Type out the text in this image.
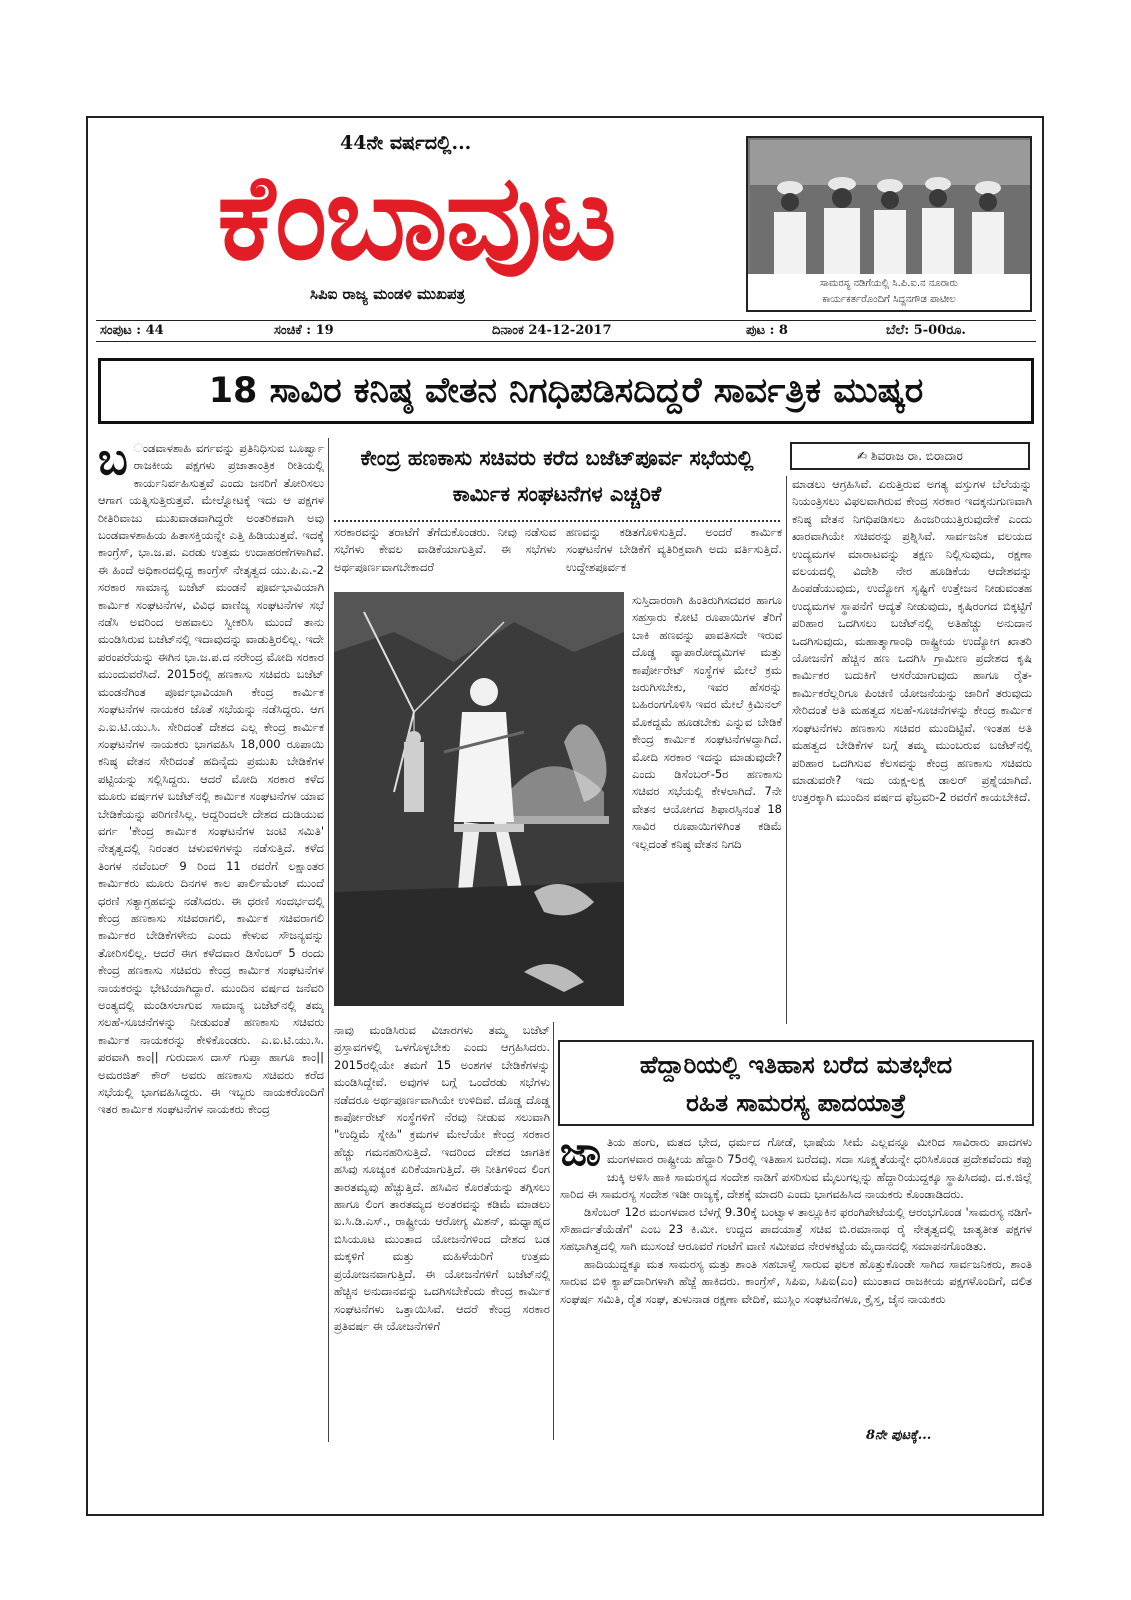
44ನೇ ವರ್ಷದಲ್ಲಿ...
ಕೆಂಬಾವುಟ
ಸಿಪಿಐ ರಾಜ್ಯ ಮಂಡಳಿ ಮುಖಪತ್ರ
ಸಾಮರಸ್ಯ ನಡಿಗೆಯಲ್ಲಿ ಸಿ.ಪಿ.ಐ.ನ ನೂರಾರು
ಕಾರ್ಯಕರ್ತರೊಂದಿಗೆ ಸಿದ್ದನಗೌಡ ಪಾಟೀಲ
ಸಂಪುಟ : 44	ಸಂಚಿಕೆ : 19	ದಿನಾಂಕ 24-12-2017	ಪುಟ : 8	ಬೆಲೆ: 5-00ರೂ.
18 ಸಾವಿರ ಕನಿಷ್ಠ ವೇತನ ನಿಗಧಿಪಡಿಸದಿದ್ದರೆ ಸಾರ್ವತ್ರಿಕ ಮುಷ್ಕರ
ಬ ಂಡವಾಳಶಾಹಿ ವರ್ಗವನ್ನು ಪ್ರತಿನಿಧಿಸುವ ಬೂರ್ಷ್ವಾ ರಾಜಕೀಯ ಪಕ್ಷಗಳು ಪ್ರಜಾತಾಂತ್ರಿಕ ರೀತಿಯಲ್ಲಿ ಕಾರ್ಯನಿರ್ವಹಿಸುತ್ತವೆ ಎಂದು ಜನರಿಗೆ ತೋರಿಸಲು ಆಗಾಗ ಯತ್ನಿಸುತ್ತಿರುತ್ತವೆ. ಮೇಲ್ನೋಟಕ್ಕೆ ಇದು ಆ ಪಕ್ಷಗಳ ರೀತಿರಿವಾಜು ಮುಖವಾಡವಾಗಿದ್ದರೇ ಅಂತರಿಕವಾಗಿ ಅವು ಬಂಡವಾಳಶಾಹಿಯ ಹಿತಾಸಕ್ತಿಯನ್ನೇ ಎತ್ತಿ ಹಿಡಿಯುತ್ತವೆ. ಇದಕ್ಕೆ ಕಾಂಗ್ರೆಸ್, ಭಾ.ಜ.ಪ. ಎರಡು ಉತ್ತಮ ಉದಾಹರಣೆಗಳಾಗಿವೆ. ಈ ಹಿಂದೆ ಅಧಿಕಾರದಲ್ಲಿದ್ದ ಕಾಂಗ್ರೆಸ್ ನೇತೃತ್ವದ ಯು.ಪಿ.ಎ.-2 ಸರಕಾರ ಸಾಮಾನ್ಯ ಬಜೆಟ್ ಮಂಡನೆ ಪೂರ್ವಭಾವಿಯಾಗಿ ಕಾರ್ಮಿಕ ಸಂಘಟನೆಗಳ, ವಿವಿಧ ವಾಣಿಜ್ಯ ಸಂಘಟನೆಗಳ ಸಭೆ ನಡೆಸಿ ಅವರಿಂದ ಅಹವಾಲು ಸ್ವೀಕರಿಸಿ ಮುಂದೆ ತಾನು ಮಂಡಿಸಿರುವ ಬಜೆಟ್‌ನಲ್ಲಿ ಇದಾವುದನ್ನು ವಾಡುತ್ತಿರಲಿಲ್ಲ. ಇದೇ ಪರಂಪರೆಯನ್ನು ಈಗಿನ ಭಾ.ಜ.ಪ.ದ ನರೇಂದ್ರ ಮೋದಿ ಸರಕಾರ ಮುಂದುವರೆಸಿದೆ. 2015ರಲ್ಲಿ ಹಣಕಾಸು ಸಚಿವರು ಬಜೆಟ್ ಮಂಡನೆಗಿಂತ ಪೂರ್ವಭಾವಿಯಾಗಿ ಕೇಂದ್ರ ಕಾರ್ಮಿಕ ಸಂಘಟನೆಗಳ ನಾಯಕರ ಜೊತೆ ಸಭೆಯನ್ನು ನಡೆಸಿದ್ದರು. ಆಗ ಎ.ಐ.ಟಿ.ಯು.ಸಿ. ಸೇರಿದಂತೆ ದೇಶದ ಎಲ್ಲ ಕೇಂದ್ರ ಕಾರ್ಮಿಕ ಸಂಘಟನೆಗಳ ನಾಯಕರು ಭಾಗವಹಿಸಿ 18,000 ರೂಪಾಯಿ ಕನಿಷ್ಠ ವೇತನ ಸೇರಿದಂತೆ ಹದಿನೈದು ಪ್ರಮುಖ ಬೇಡಿಕೆಗಳ ಪಟ್ಟಿಯನ್ನು ಸಲ್ಲಿಸಿದ್ದರು. ಆದರೆ ಮೋದಿ ಸರಕಾರ ಕಳೆದ ಮೂರು ವರ್ಷಗಳ ಬಜೆಟ್‌ನಲ್ಲಿ ಕಾರ್ಮಿಕ ಸಂಘಟನೆಗಳ ಯಾವ ಬೇಡಿಕೆಯನ್ನು ಪರಿಗಣಿಸಿಲ್ಲ. ಅದ್ದರಿಂದಲೇ ದೇಶದ ದುಡಿಯುವ ವರ್ಗ 'ಕೇಂದ್ರ ಕಾರ್ಮಿಕ ಸಂಘಟನೆಗಳ ಜಂಟಿ ಸಮಿತಿ' ನೇತೃತ್ವದಲ್ಲಿ ನಿರಂತರ ಚಳುವಳಿಗಳನ್ನು ನಡೆಸುತ್ತಿದೆ. ಕಳೆದ ತಿಂಗಳ ನವೆಂಬರ್ 9 ರಿಂದ 11 ರವರೆಗೆ ಲಕ್ಷಾಂತರ ಕಾರ್ಮಿಕರು ಮೂರು ದಿನಗಳ ಕಾಲ ಪಾರ್ಲಿಮೆಂಟ್ ಮುಂದೆ ಧರಣಿ ಸತ್ಯಾಗ್ರಹವನ್ನು ನಡೆಸಿದರು. ಈ ಧರಣಿ ಸಂದರ್ಭದಲ್ಲಿ ಕೇಂದ್ರ ಹಣಕಾಸು ಸಚಿವರಾಗಲಿ, ಕಾರ್ಮಿಕ ಸಚಿವರಾಗಲಿ ಕಾರ್ಮಿಕರ ಬೇಡಿಕೆಗಳೇನು ಎಂದು ಕೇಳುವ ಸೌಜನ್ಯವನ್ನು ತೋರಿಸಲಿಲ್ಲ. ಆದರೆ ಈಗ ಕಳೆದವಾರ ಡಿಸೆಂಬರ್ 5 ರಂದು ಕೇಂದ್ರ ಹಣಕಾಸು ಸಚಿವರು ಕೇಂದ್ರ ಕಾರ್ಮಿಕ ಸಂಘಟನೆಗಳ ನಾಯಕರನ್ನು ಭೇಟಿಯಾಗಿದ್ದಾರೆ. ಮುಂದಿನ ವರ್ಷದ ಜನೆವರಿ ಅಂತ್ಯದಲ್ಲಿ ಮಂಡಿಸಲಾಗುವ ಸಾಮಾನ್ಯ ಬಜೆಟ್‌ನಲ್ಲಿ ತಮ್ಮ ಸಲಹೆ-ಸೂಚನೆಗಳನ್ನು ನೀಡುವಂತೆ ಹಣಕಾಸು ಸಚಿವರು ಕಾರ್ಮಿಕ ನಾಯಕರನ್ನು ಕೇಳಿಕೊಂಡರು. ಎ.ಐ.ಟಿ.ಯು.ಸಿ. ಪರವಾಗಿ ಕಾಂ|| ಗುರುದಾಸ ದಾಸ್ ಗುಪ್ತಾ ಹಾಗೂ ಕಾಂ|| ಅಮರಜಿತ್ ಕೌರ್ ಅವರು ಹಣಕಾಸು ಸಚಿವರು ಕರೆದ ಸಭೆಯಲ್ಲಿ ಭಾಗವಹಿಸಿದ್ದರು. ಈ ಇಬ್ಬರು ನಾಯಕರೊಂದಿಗೆ ಇತರ ಕಾರ್ಮಿಕ ಸಂಘಟನೆಗಳ ನಾಯಕರು ಕೇಂದ್ರ
ಕೇಂದ್ರ ಹಣಕಾಸು ಸಚಿವರು ಕರೆದ ಬಜೆಟ್‌ಪೂರ್ವ ಸಭೆಯಲ್ಲಿ ಕಾರ್ಮಿಕ ಸಂಘಟನೆಗಳ ಎಚ್ಚರಿಕೆ
✍ ಶಿವರಾಜ ರಾ. ಬಿರಾದಾರ
ಸರಕಾರವನ್ನು ತರಾಟೆಗೆ ತೆಗೆದುಕೊಂಡರು. ನೀವು ನಡೆಸುವ ಸಭೆಗಳು ಕೇವಲ ವಾಡಿಕೆಯಾಗುತ್ತಿವೆ. ಈ ಸಭೆಗಳು ಅರ್ಥಪೂರ್ಣವಾಗಬೇಕಾದರೆ
ಹಣವನ್ನು ಕಡಿತಗೊಳಿಸುತ್ತಿದೆ. ಅಂದರೆ ಕಾರ್ಮಿಕ ಸಂಘಟನೆಗಳ ಬೇಡಿಕೆಗೆ ವ್ಯತಿರಿಕ್ತವಾಗಿ ಅದು ವರ್ತಿಸುತ್ತಿದೆ. ಉದ್ದೇಶಪೂರ್ವಕ
ಸುಸ್ತಿದಾರರಾಗಿ ಹಿಂತಿರುಗಿಸದವರ ಹಾಗೂ ಸಹಸ್ರಾರು ಕೋಟಿ ರೂಪಾಯಿಗಳ ತೆರಿಗೆ ಬಾಕಿ ಹಣವನ್ನು ಪಾವತಿಸದೇ ಇರುವ ದೊಡ್ಡ ವ್ಯಾಪಾರೋದ್ಯಮಿಗಳ ಮತ್ತು ಕಾರ್ಪೋರೇಟ್ ಸಂಸ್ಥೆಗಳ ಮೇಲೆ ಕ್ರಮ ಜರುಗಿಸಬೇಕು, ಇವರ ಹೆಸರನ್ನು ಬಹಿರಂಗಗೊಳಿಸಿ ಇವರ ಮೇಲೆ ಕ್ರಿಮಿನಲ್ ಮೊಕದ್ದಮೆ ಹೂಡಬೇಕು ಎನ್ನುವ ಬೇಡಿಕೆ ಕೇಂದ್ರ ಕಾರ್ಮಿಕ ಸಂಘಟನೆಗಳದ್ದಾಗಿದೆ. ಮೋದಿ ಸರಕಾರ ಇದನ್ನು ಮಾಡುವುದೇ? ಎಂದು ಡಿಸೆಂಬರ್-5ರ ಹಣಕಾಸು ಸಚಿವರ ಸಭೆಯಲ್ಲಿ ಕೇಳಲಾಗಿದೆ. 7ನೇ ವೇತನ ಆಯೋಗದ ಶಿಫಾರಸ್ಸಿನಂತೆ 18 ಸಾವಿರ ರೂಪಾಯಿಗಳಿಗಿಂತ ಕಡಿಮೆ ಇಲ್ಲದಂತೆ ಕನಿಷ್ಠ ವೇತನ ನಿಗದಿ
ಮಾಡಲು ಆಗ್ರಹಿಸಿವೆ. ಏರುತ್ತಿರುವ ಅಗತ್ಯ ವಸ್ತುಗಳ ಬೆಲೆಯನ್ನು ನಿಯಂತ್ರಿಸಲು ವಿಫಲವಾಗಿರುವ ಕೇಂದ್ರ ಸರಕಾರ ಇದಕ್ಕನುಗುಣವಾಗಿ ಕನಿಷ್ಠ ವೇತನ ನಿಗಧಿಪಡಿಸಲು ಹಿಂಜರಿಯುತ್ತಿರುವುದೇಕೆ ಎಂದು ಖಾರವಾಗಿಯೇ ಸಚಿವರನ್ನು ಪ್ರಶ್ನಿಸಿವೆ. ಸಾರ್ವಜನಿಕ ವಲಯದ ಉದ್ಯಮಗಳ ಮಾರಾಟವನ್ನು ತಕ್ಷಣ ನಿಲ್ಲಿಸುವುದು, ರಕ್ಷಣಾ ವಲಯದಲ್ಲಿ ವಿದೇಶಿ ನೇರ ಹೂಡಿಕೆಯ ಆದೇಶವನ್ನು ಹಿಂಪಡೆಯುವುದು, ಉದ್ಯೋಗ ಸೃಷ್ಟಿಗೆ ಉತ್ತೇಜನ ನೀಡುವಂತಹ ಉದ್ಯಮಗಳ ಸ್ಥಾಪನೆಗೆ ಆದ್ಯತೆ ನೀಡುವುದು, ಕೃಷಿರಂಗದ ಬಿಕ್ಕಟ್ಟಿಗೆ ಪರಿಹಾರ ಒದಗಿಸಲು ಬಜೆಟ್‌ನಲ್ಲಿ ಅತಿಹೆಚ್ಚು ಅನುದಾನ ಒದಗಿಸುವುದು, ಮಹಾತ್ಮಾಗಾಂಧಿ ರಾಷ್ಟ್ರೀಯ ಉದ್ಯೋಗ ಖಾತರಿ ಯೋಜನೆಗೆ ಹೆಚ್ಚಿನ ಹಣ ಒದಗಿಸಿ ಗ್ರಾಮೀಣ ಪ್ರದೇಶದ ಕೃಷಿ ಕಾರ್ಮಿಕರ ಬದುಕಿಗೆ ಆಸರೆಯಾಗುವುದು ಹಾಗೂ ರೈತ-ಕಾರ್ಮಿಕರೆಲ್ಲರಿಗೂ ಪಿಂಚಣಿ ಯೋಜನೆಯನ್ನು ಜಾರಿಗೆ ತರುವುದು ಸೇರಿದಂತೆ ಅತಿ ಮಹತ್ವದ ಸಲಹೆ-ಸೂಚನೆಗಳನ್ನು ಕೇಂದ್ರ ಕಾರ್ಮಿಕ ಸಂಘಟನೆಗಳು ಹಣಕಾಸು ಸಚಿವರ ಮುಂದಿಟ್ಟಿವೆ. ಇಂತಹ ಅತಿ ಮಹತ್ವದ ಬೇಡಿಕೆಗಳ ಬಗ್ಗೆ ತಮ್ಮ ಮುಂಬರುವ ಬಜೆಟ್‌ನಲ್ಲಿ ಪರಿಹಾರ ಒದಗಿಸುವ ಕೆಲಸವನ್ನು ಕೇಂದ್ರ ಹಣಕಾಸು ಸಚಿವರು ಮಾಡುವರೇ? ಇದು ಯಕ್ಷ-ಲಕ್ಷ ಡಾಲರ್ ಪ್ರಶ್ನೆಯಾಗಿದೆ. ಉತ್ತರಕ್ಕಾಗಿ ಮುಂದಿನ ವರ್ಷದ ಫೆಬ್ರವರಿ-2 ರವರೆಗೆ ಕಾಯಬೇಕಿದೆ.
ನಾವು ಮಂಡಿಸಿರುವ ವಿಚಾರಗಳು ತಮ್ಮ ಬಜೆಟ್ ಪ್ರಸ್ತಾವಗಳಲ್ಲಿ ಒಳಗೊಳ್ಳಬೇಕು ಎಂದು ಆಗ್ರಹಿಸಿದರು. 2015ರಲ್ಲಿಯೇ ತಮಗೆ 15 ಅಂಶಗಳ ಬೇಡಿಕೆಗಳನ್ನು ಮಂಡಿಸಿದ್ದೇವೆ. ಅವುಗಳ ಬಗ್ಗೆ ಒಂದೆರಡು ಸಭೆಗಳು ನಡೆದರೂ ಅರ್ಥಪೂರ್ಣವಾಗಿಯೇ ಉಳಿದಿವೆ. ದೊಡ್ಡ ದೊಡ್ಡ ಕಾರ್ಪೋರೇಟ್ ಸಂಸ್ಥೆಗಳಿಗೆ ನೆರವು ನೀಡುವ ಸಲುವಾಗಿ "ಉದ್ದಿಮೆ ಸ್ನೇಹಿ" ಕ್ರಮಗಳ ಮೇಲೆಯೇ ಕೇಂದ್ರ ಸರಕಾರ ಹೆಚ್ಚು ಗಮನಹರಿಸುತ್ತಿದೆ. ಇದರಿಂದ ದೇಶದ ಜಾಗತಿಕ ಹಸಿವು ಸೂಚ್ಯಂಕ ಏರಿಕೆಯಾಗುತ್ತಿದೆ. ಈ ನೀತಿಗಳಿಂದ ಲಿಂಗ ತಾರತಮ್ಯವು ಹೆಚ್ಚುತ್ತಿದೆ. ಹಸಿವಿನ ಕೊರತೆಯನ್ನು ತಗ್ಗಿಸಲು ಹಾಗೂ ಲಿಂಗ ತಾರತಮ್ಯದ ಅಂತರವನ್ನು ಕಡಿಮೆ ಮಾಡಲು ಐ.ಸಿ.ಡಿ.ಎಸ್., ರಾಷ್ಟ್ರೀಯ ಆರೋಗ್ಯ ಮಿಶನ್, ಮಧ್ಯಾಹ್ನದ ಬಿಸಿಯೂಟ ಮುಂತಾದ ಯೋಜನೆಗಳಿಂದ ದೇಶದ ಬಡ ಮಕ್ಕಳಿಗೆ ಮತ್ತು ಮಹಿಳೆಯರಿಗೆ ಉತ್ತಮ ಪ್ರಯೋಜನವಾಗುತ್ತಿದೆ. ಈ ಯೋಜನೆಗಳಿಗೆ ಬಜೆಟ್‌ನಲ್ಲಿ ಹೆಚ್ಚಿನ ಅನುದಾನವನ್ನು ಒದಗಿಸಬೇಕೆಂದು ಕೇಂದ್ರ ಕಾರ್ಮಿಕ ಸಂಘಟನೆಗಳು ಒತ್ತಾಯಿಸಿವೆ. ಆದರೆ ಕೇಂದ್ರ ಸರಕಾರ ಪ್ರತಿವರ್ಷ ಈ ಯೋಜನೆಗಳಿಗೆ
ಹೆದ್ದಾರಿಯಲ್ಲಿ ಇತಿಹಾಸ ಬರೆದ ಮತಭೇದ
ರಹಿತ ಸಾಮರಸ್ಯ ಪಾದಯಾತ್ರೆ

ಜಾ ತಿಯ ಹಂಗು, ಮತದ ಭೇದ, ಧರ್ಮದ ಗೋಡೆ, ಭಾಷೆಯ ಸೀಮೆ ಎಲ್ಲವನ್ನೂ ಮೀರಿದ ಸಾವಿರಾರು ಪಾದಗಳು ಮಂಗಳವಾರ ರಾಷ್ಟ್ರೀಯ ಹೆದ್ದಾರಿ 75ರಲ್ಲಿ ಇತಿಹಾಸ ಬರೆದವು. ಸದಾ ಸೂಕ್ಷ್ಮತೆಯನ್ನೇ ಧರಿಸಿಕೊಂಡ ಪ್ರದೇಶವೆಂದು ಕಪ್ಪು ಚುಕ್ಕಿ ಅಳಿಸಿ ಹಾಕಿ ಸಾಮರಸ್ಯದ ಸಂದೇಶ ನಾಡಿಗೆ ಪಸರಿಸುವ ಮೈಲುಗಲ್ಲನ್ನು ಹೆದ್ದಾರಿಯುದ್ದಕ್ಕೂ ಸ್ಥಾಪಿಸಿದವು. ದ.ಕ.ಜಿಲ್ಲೆ ಸಾರಿದ ಈ ಸಾಮರಸ್ಯ ಸಂದೇಶ ಇಡೀ ರಾಜ್ಯಕ್ಕೆ, ದೇಶಕ್ಕೆ ಮಾದರಿ ಎಂದು ಭಾಗವಹಿಸಿದ ನಾಯಕರು ಕೊಂಡಾಡಿದರು.

ಡಿಸೆಂಬರ್ 12ರ ಮಂಗಳವಾರ ಬೆಳಗ್ಗೆ 9.30ಕ್ಕೆ ಬಂಟ್ವಾಳ ತಾಲ್ಲೂಕಿನ ಫರಂಗಿಪೇಟೆಯಲ್ಲಿ ಆರಂಭಗೊಂಡ 'ಸಾಮರಸ್ಯ ನಡಿಗೆ- ಸೌಹಾರ್ದತೆಯೆಡೆಗೆ' ಎಂಬ 23 ಕಿ.ಮೀ. ಉದ್ದದ ಪಾದಯಾತ್ರೆ ಸಚಿವ ಬಿ.ರಮಾನಾಥ ರೈ ನೇತೃತ್ವದಲ್ಲಿ ಜಾತ್ಯತೀತ ಪಕ್ಷಗಳ ಸಹಭಾಗಿತ್ವದಲ್ಲಿ ಸಾಗಿ ಮುಸಂಜೆ ಆರೂವರೆ ಗಂಟೆಗೆ ವಾಣಿ ಸಮೀಪದ ನೇರಳಕಟ್ಟೆಯ ಮೈದಾನದಲ್ಲಿ ಸಮಾಪನಗೊಂಡಿತು.

ಹಾದಿಯುದ್ದಕ್ಕೂ ಮತ ಸಾಮರಸ್ಯ ಮತ್ತು ಶಾಂತಿ ಸಹಬಾಳ್ವೆ ಸಾರುವ ಫಲಕ ಹೊತ್ತುಕೊಂಡೇ ಸಾಗಿದ ಸಾರ್ವಜನಿಕರು, ಶಾಂತಿ ಸಾರುವ ಬಿಳಿ ಕ್ಯಾಪ್‌ದಾರಿಗಳಾಗಿ ಹೆಜ್ಜೆ ಹಾಕಿದರು. ಕಾಂಗ್ರೆಸ್, ಸಿಪಿಐ, ಸಿಪಿಐ(ಎಂ) ಮುಂತಾದ ರಾಜಕೀಯ ಪಕ್ಷಗಳೊಂದಿಗೆ, ದಲಿತ ಸಂಘರ್ಷ ಸಮಿತಿ, ರೈತ ಸಂಘ, ತುಳುನಾಡ ರಕ್ಷಣಾ ವೇದಿಕೆ, ಮುಸ್ಲಿಂ ಸಂಘಟನೆಗಳೂ, ಕ್ರೈಸ್ತ, ಜೈನ ನಾಯಕರು

8ನೇ ಪುಟಕ್ಕೆ...
